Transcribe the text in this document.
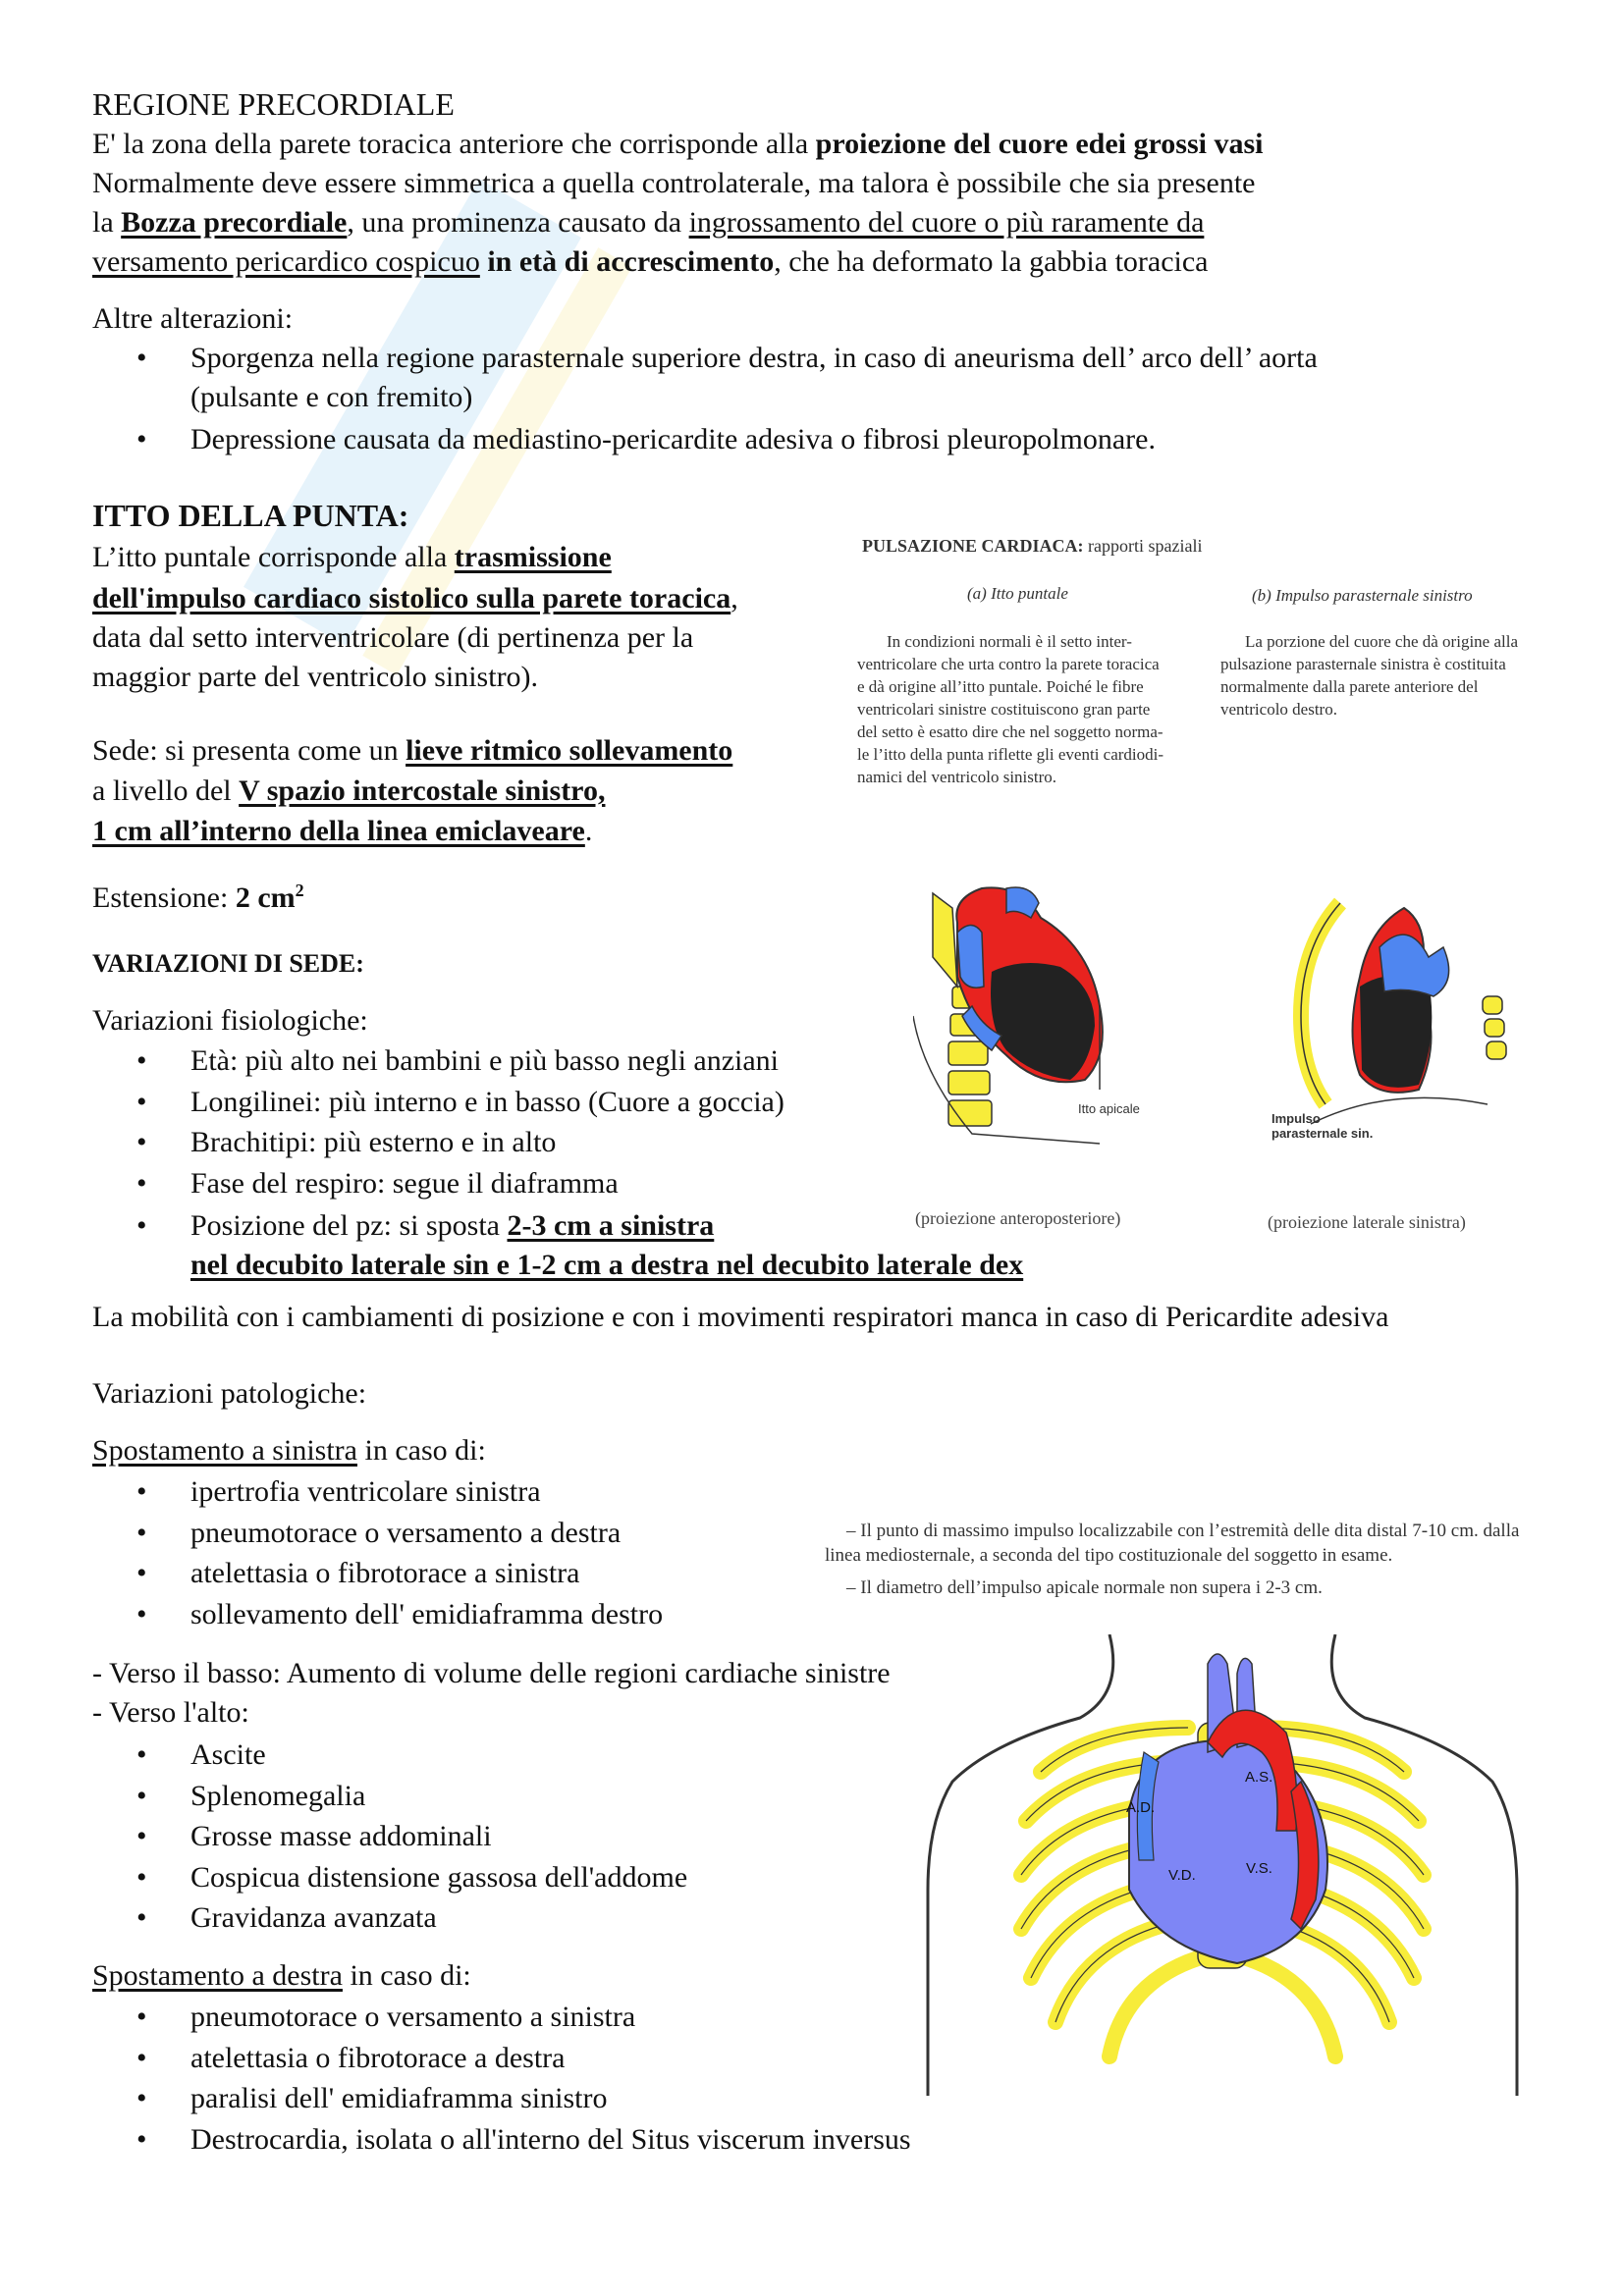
REGIONE PRECORDIALE
E' la zona della parete toracica anteriore che corrisponde alla proiezione del cuore edei grossi vasi
Normalmente deve essere simmetrica a quella controlaterale, ma talora è possibile che sia presente
la Bozza precordiale, una prominenza causato da ingrossamento del cuore o più raramente da
versamento pericardico cospicuo in età di accrescimento, che ha deformato la gabbia toracica
Altre alterazioni:
• Sporgenza nella regione parasternale superiore destra, in caso di aneurisma dell’ arco dell’ aorta
(pulsante e con fremito)
• Depressione causata da mediastino-pericardite adesiva o fibrosi pleuropolmonare.
ITTO DELLA PUNTA:
L’itto puntale corrisponde alla trasmissione
dell'impulso cardiaco sistolico sulla parete toracica,
data dal setto interventricolare (di pertinenza per la
maggior parte del ventricolo sinistro).
Sede: si presenta come un lieve ritmico sollevamento
a livello del V spazio intercostale sinistro,
1 cm all’interno della linea emiclaveare.
Estensione: 2 $cm^2$
VARIAZIONI DI SEDE:
Variazioni fisiologiche:
• Età: più alto nei bambini e più basso negli anziani
• Longilinei: più interno e in basso (Cuore a goccia)
• Brachitipi: più esterno e in alto
• Fase del respiro: segue il diaframma
• Posizione del pz: si sposta 2-3 cm a sinistra
nel decubito laterale sin e 1-2 cm a destra nel decubito laterale dex
La mobilità con i cambiamenti di posizione e con i movimenti respiratori manca in caso di Pericardite adesiva
Variazioni patologiche:
Spostamento a sinistra in caso di:
• ipertrofia ventricolare sinistra
• pneumotorace o versamento a destra
• atelettasia o fibrotorace a sinistra
• sollevamento dell' emidiaframma destro
- Verso il basso: Aumento di volume delle regioni cardiache sinistre
- Verso l'alto:
• Ascite
• Splenomegalia
• Grosse masse addominali
• Cospicua distensione gassosa dell'addome
• Gravidanza avanzata
Spostamento a destra in caso di:
• pneumotorace o versamento a sinistra
• atelettasia o fibrotorace a destra
• paralisi dell' emidiaframma sinistro
• Destrocardia, isolata o all'interno del Situs viscerum inversus
PULSAZIONE CARDIACA: rapporti spaziali
(a) Itto puntale	(b) Impulso parasternale sinistro
In condizioni normali è il setto inter-
ventricolare che urta contro la parete toracica
e dà origine all’itto puntale. Poiché le fibre
ventricolari sinistre costituiscono gran parte
del setto è esatto dire che nel soggetto norma-
le l’itto della punta riflette gli eventi cardiodi-
namici del ventricolo sinistro.
La porzione del cuore che dà origine alla
pulsazione parasternale sinistra è costituita
normalmente dalla parete anteriore del
ventricolo destro.
Itto apicale
Impulso
parasternale sin.
(proiezione anteroposteriore)	(proiezione laterale sinistra)
– Il punto di massimo impulso localizzabile con l’estremità delle dita distal 7-10 cm. dalla
linea mediosternale, a seconda del tipo costituzionale del soggetto in esame.
– Il diametro dell’impulso apicale normale non supera i 2-3 cm.
A.D.
A.S.
V.D.	V.S.
